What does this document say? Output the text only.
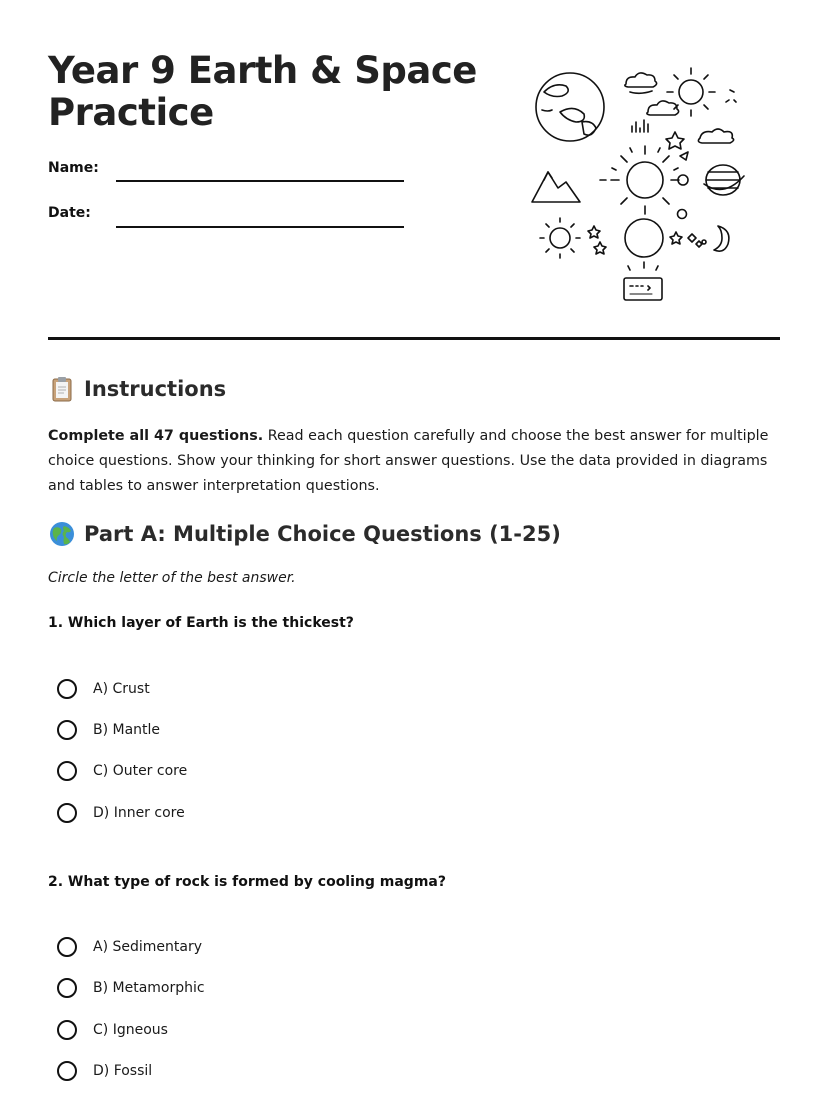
Year 9 Earth & Space
Practice
Name:
Date:
Instructions
Complete all 47 questions. Read each question carefully and choose the best answer for multiple choice questions. Show your thinking for short answer questions. Use the data provided in diagrams and tables to answer interpretation questions.
Part A: Multiple Choice Questions (1-25)
Circle the letter of the best answer.
1. Which layer of Earth is the thickest?
A) Crust
B) Mantle
C) Outer core
D) Inner core
2. What type of rock is formed by cooling magma?
A) Sedimentary
B) Metamorphic
C) Igneous
D) Fossil
